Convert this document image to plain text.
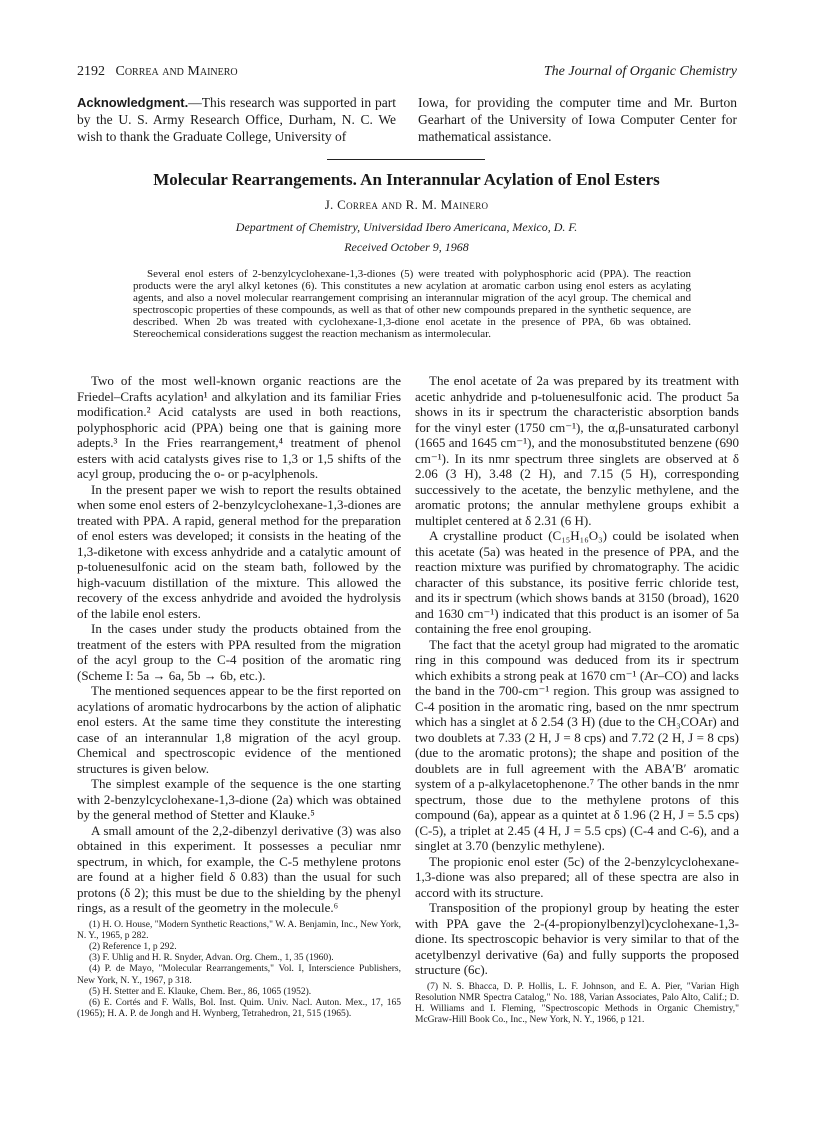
2192 Correa and Mainero	The Journal of Organic Chemistry
Acknowledgment.—This research was supported in part by the U. S. Army Research Office, Durham, N. C. We wish to thank the Graduate College, University of
Iowa, for providing the computer time and Mr. Burton Gearhart of the University of Iowa Computer Center for mathematical assistance.
Molecular Rearrangements. An Interannular Acylation of Enol Esters
J. Correa and R. M. Mainero
Department of Chemistry, Universidad Ibero Americana, Mexico, D. F.
Received October 9, 1968

Several enol esters of 2-benzylcyclohexane-1,3-diones (5) were treated with polyphosphoric acid (PPA). The reaction products were the aryl alkyl ketones (6). This constitutes a new acylation at aromatic carbon using enol esters as acylating agents, and also a novel molecular rearrangement comprising an interannular migration of the acyl group. The chemical and spectroscopic properties of these compounds, as well as that of other new compounds prepared in the synthetic sequence, are described. When 2b was treated with cyclohexane-1,3-dione enol acetate in the presence of PPA, 6b was obtained. Stereochemical considerations suggest the reaction mechanism as intermolecular.

Two of the most well-known organic reactions are the Friedel–Crafts acylation¹ and alkylation and its familiar Fries modification.² Acid catalysts are used in both reactions, polyphosphoric acid (PPA) being one that is gaining more adepts.³ In the Fries rearrangement,⁴ treatment of phenol esters with acid catalysts gives rise to 1,3 or 1,5 shifts of the acyl group, producing the o- or p-acylphenols.

In the present paper we wish to report the results obtained when some enol esters of 2-benzylcyclohexane-1,3-diones are treated with PPA. A rapid, general method for the preparation of enol esters was developed; it consists in the heating of the 1,3-diketone with excess anhydride and a catalytic amount of p-toluenesulfonic acid on the steam bath, followed by the high-vacuum distillation of the mixture. This allowed the recovery of the excess anhydride and avoided the hydrolysis of the labile enol esters.

In the cases under study the products obtained from the treatment of the esters with PPA resulted from the migration of the acyl group to the C-4 position of the aromatic ring (Scheme I: 5a → 6a, 5b → 6b, etc.).

The mentioned sequences appear to be the first reported on acylations of aromatic hydrocarbons by the action of aliphatic enol esters. At the same time they constitute the interesting case of an interannular 1,8 migration of the acyl group. Chemical and spectroscopic evidence of the mentioned structures is given below.

The simplest example of the sequence is the one starting with 2-benzylcyclohexane-1,3-dione (2a) which was obtained by the general method of Stetter and Klauke.⁵

A small amount of the 2,2-dibenzyl derivative (3) was also obtained in this experiment. It possesses a peculiar nmr spectrum, in which, for example, the C-5 methylene protons are found at a higher field δ 0.83) than the usual for such protons (δ 2); this must be due to the shielding by the phenyl rings, as a result of the geometry in the molecule.⁶

(1) H. O. House, "Modern Synthetic Reactions," W. A. Benjamin, Inc., New York, N. Y., 1965, p 282.
(2) Reference 1, p 292.
(3) F. Uhlig and H. R. Snyder, Advan. Org. Chem., 1, 35 (1960).
(4) P. de Mayo, "Molecular Rearrangements," Vol. I, Interscience Publishers, New York, N. Y., 1967, p 318.
(5) H. Stetter and E. Klauke, Chem. Ber., 86, 1065 (1952).
(6) E. Cortés and F. Walls, Bol. Inst. Quim. Univ. Nacl. Auton. Mex., 17, 165 (1965); H. A. P. de Jongh and H. Wynberg, Tetrahedron, 21, 515 (1965).

The enol acetate of 2a was prepared by its treatment with acetic anhydride and p-toluenesulfonic acid. The product 5a shows in its ir spectrum the characteristic absorption bands for the vinyl ester (1750 cm⁻¹), the α,β-unsaturated carbonyl (1665 and 1645 cm⁻¹), and the monosubstituted benzene (690 cm⁻¹). In its nmr spectrum three singlets are observed at δ 2.06 (3 H), 3.48 (2 H), and 7.15 (5 H), corresponding successively to the acetate, the benzylic methylene, and the aromatic protons; the annular methylene groups exhibit a multiplet centered at δ 2.31 (6 H).

A crystalline product (C₁₅H₁₆O₃) could be isolated when this acetate (5a) was heated in the presence of PPA, and the reaction mixture was purified by chromatography. The acidic character of this substance, its positive ferric chloride test, and its ir spectrum (which shows bands at 3150 (broad), 1620 and 1630 cm⁻¹) indicated that this product is an isomer of 5a containing the free enol grouping.

The fact that the acetyl group had migrated to the aromatic ring in this compound was deduced from its ir spectrum which exhibits a strong peak at 1670 cm⁻¹ (Ar–CO) and lacks the band in the 700-cm⁻¹ region. This group was assigned to C-4 position in the aromatic ring, based on the nmr spectrum which has a singlet at δ 2.54 (3 H) (due to the CH₃COAr) and two doublets at 7.33 (2 H, J = 8 cps) and 7.72 (2 H, J = 8 cps) (due to the aromatic protons); the shape and position of the doublets are in full agreement with the ABA′B′ aromatic system of a p-alkylacetophenone.⁷ The other bands in the nmr spectrum, those due to the methylene protons of this compound (6a), appear as a quintet at δ 1.96 (2 H, J = 5.5 cps) (C-5), a triplet at 2.45 (4 H, J = 5.5 cps) (C-4 and C-6), and a singlet at 3.70 (benzylic methylene).

The propionic enol ester (5c) of the 2-benzylcyclohexane-1,3-dione was also prepared; all of these spectra are also in accord with its structure.

Transposition of the propionyl group by heating the ester with PPA gave the 2-(4-propionylbenzyl)cyclohexane-1,3-dione. Its spectroscopic behavior is very similar to that of the acetylbenzyl derivative (6a) and fully supports the proposed structure (6c).

(7) N. S. Bhacca, D. P. Hollis, L. F. Johnson, and E. A. Pier, "Varian High Resolution NMR Spectra Catalog," No. 188, Varian Associates, Palo Alto, Calif.; D. H. Williams and I. Fleming, "Spectroscopic Methods in Organic Chemistry," McGraw-Hill Book Co., Inc., New York, N. Y., 1966, p 121.
